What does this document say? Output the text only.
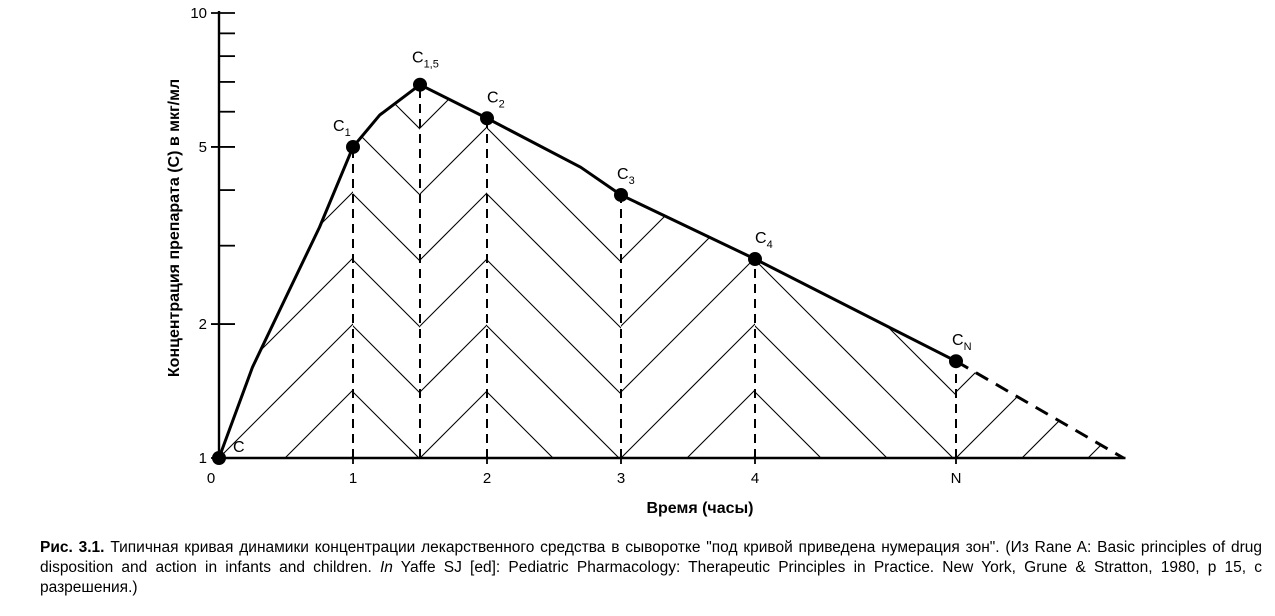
1
2
5
10
0	1	2	3	4	N
C
$C_1$
$C_{1,5}$
$C_2$
$C_3$
$C_4$
$C_N$
Время (часы)
Концентрация препарата (С) в мкг/мл
Рис. 3.1. Типичная кривая динамики концентрации лекарственного средства в сыворотке "под кривой приведена нумерация зон". (Из Rane A: Basic principles of drug disposition and action in infants and children. In Yaffe SJ [ed]: Pediatric Pharmacology: Therapeutic Principles in Practice. New York, Grune & Stratton, 1980, p 15, с разрешения.)
